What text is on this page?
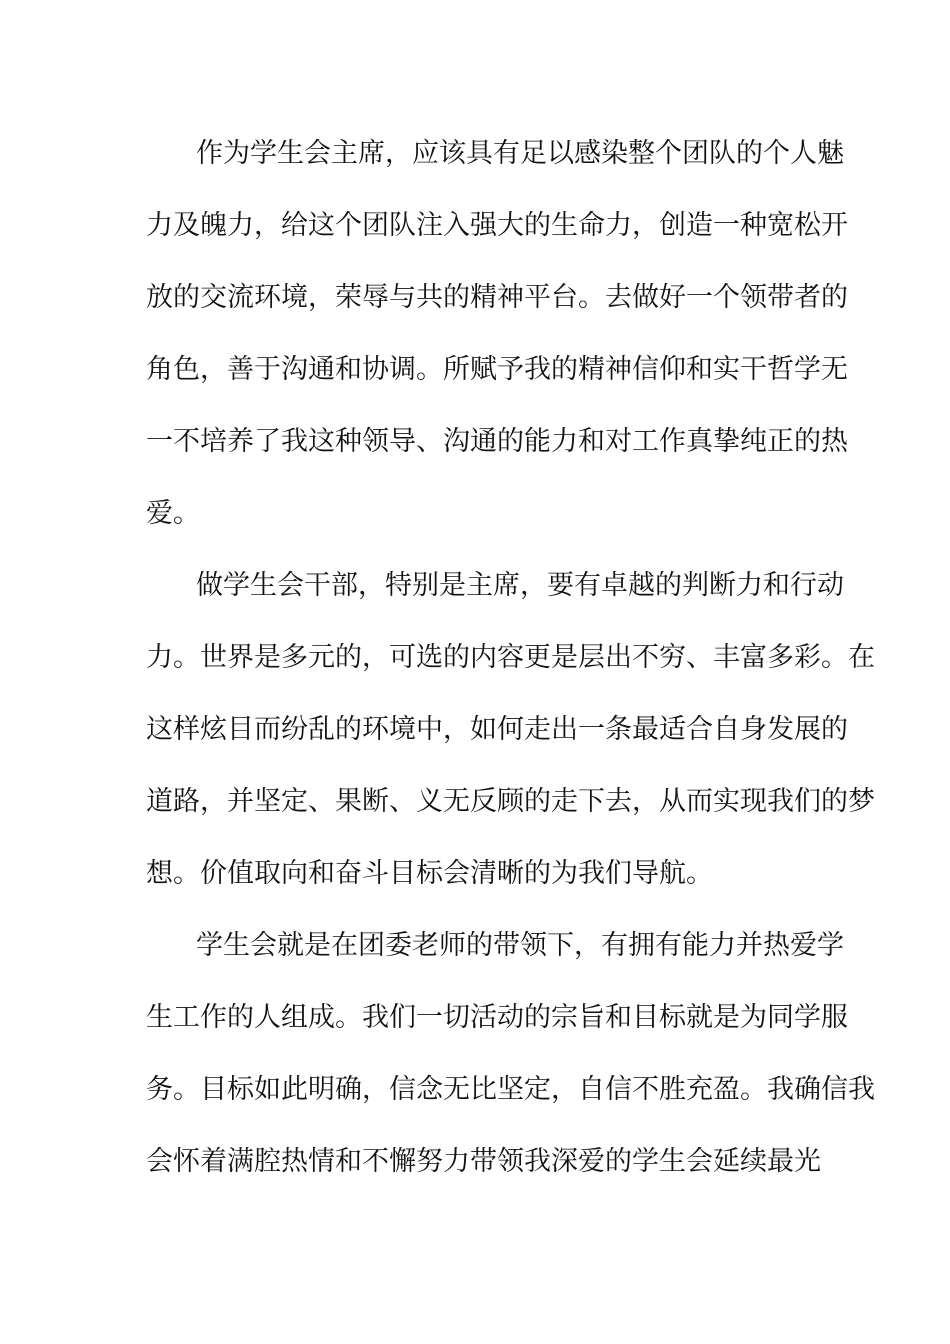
作为学生会主席，应该具有足以感染整个团队的个人魅
力及魄力，给这个团队注入强大的生命力，创造一种宽松开
放的交流环境，荣辱与共的精神平台。去做好一个领带者的
角色，善于沟通和协调。所赋予我的精神信仰和实干哲学无
一不培养了我这种领导、沟通的能力和对工作真挚纯正的热
爱。
做学生会干部，特别是主席，要有卓越的判断力和行动
力。世界是多元的，可选的内容更是层出不穷、丰富多彩。在
这样炫目而纷乱的环境中，如何走出一条最适合自身发展的
道路，并坚定、果断、义无反顾的走下去，从而实现我们的梦
想。价值取向和奋斗目标会清晰的为我们导航。
学生会就是在团委老师的带领下，有拥有能力并热爱学
生工作的人组成。我们一切活动的宗旨和目标就是为同学服
务。目标如此明确，信念无比坚定，自信不胜充盈。我确信我
会怀着满腔热情和不懈努力带领我深爱的学生会延续最光
